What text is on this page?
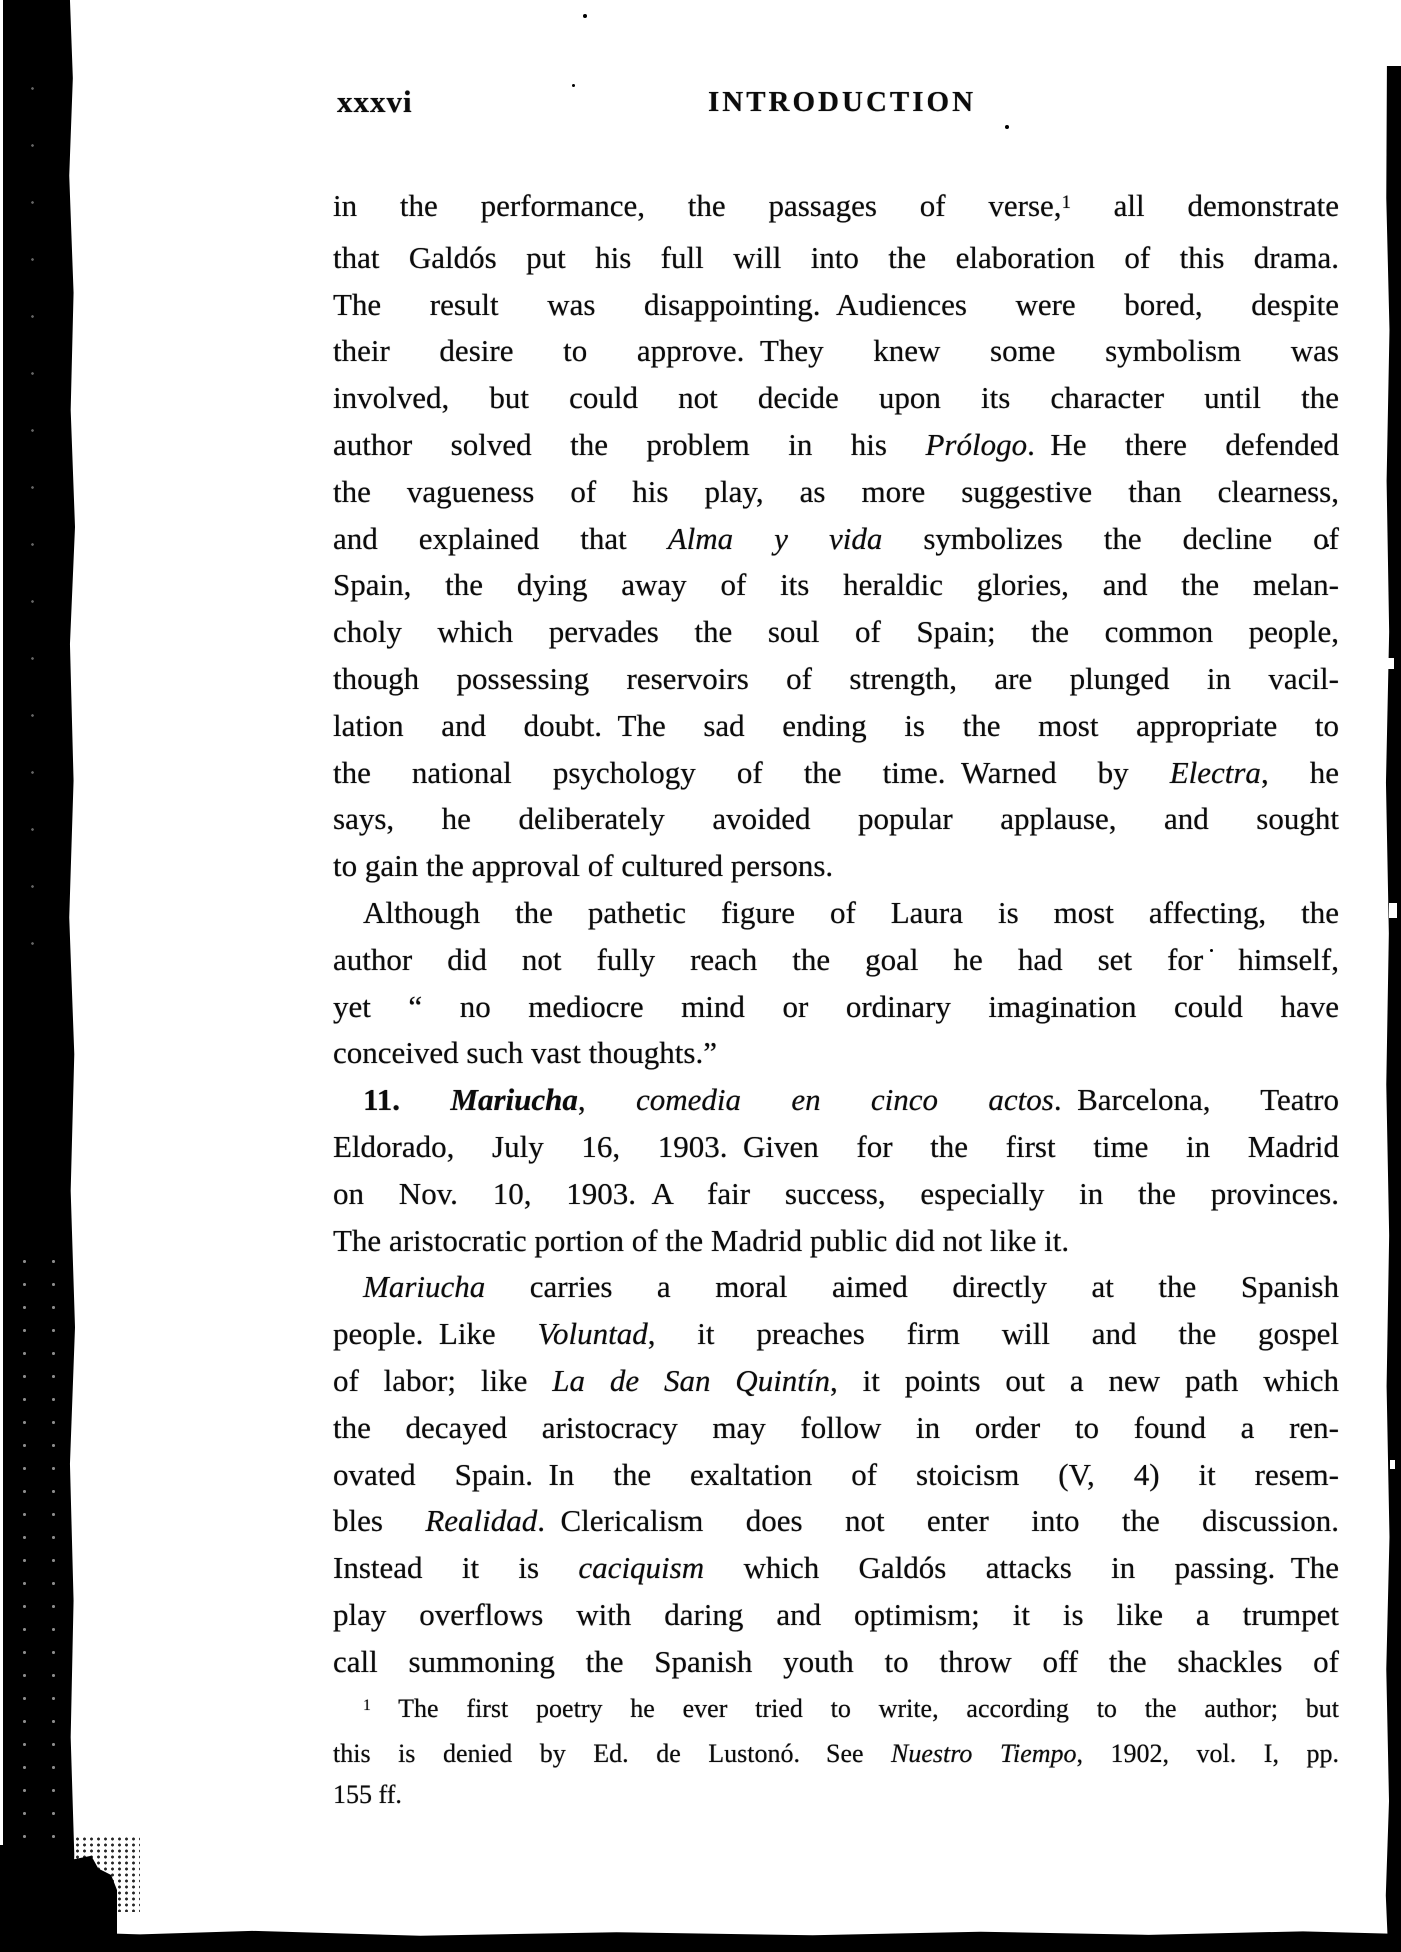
xxxvi	INTRODUCTION
in the performance, the passages of verse,$^1$ all demonstrate
that Galdós put his full will into the elaboration of this drama.
The result was disappointing. Audiences were bored, despite
their desire to approve. They knew some symbolism was
involved, but could not decide upon its character until the
author solved the problem in his Prólogo. He there defended
the vagueness of his play, as more suggestive than clearness,
and explained that Alma y vida symbolizes the decline of
Spain, the dying away of its heraldic glories, and the melan-
choly which pervades the soul of Spain; the common people,
though possessing reservoirs of strength, are plunged in vacil-
lation and doubt. The sad ending is the most appropriate to
the national psychology of the time. Warned by Electra, he
says, he deliberately avoided popular applause, and sought
to gain the approval of cultured persons.
Although the pathetic figure of Laura is most affecting, the
author did not fully reach the goal he had set for himself,
yet “ no mediocre mind or ordinary imagination could have
conceived such vast thoughts.”
11. Mariucha, comedia en cinco actos. Barcelona, Teatro
Eldorado, July 16, 1903. Given for the first time in Madrid
on Nov. 10, 1903. A fair success, especially in the provinces.
The aristocratic portion of the Madrid public did not like it.
Mariucha carries a moral aimed directly at the Spanish
people. Like Voluntad, it preaches firm will and the gospel
of labor; like La de San Quintín, it points out a new path which
the decayed aristocracy may follow in order to found a ren-
ovated Spain. In the exaltation of stoicism (V, 4) it resem-
bles Realidad. Clericalism does not enter into the discussion.
Instead it is caciquism which Galdós attacks in passing. The
play overflows with daring and optimism; it is like a trumpet
call summoning the Spanish youth to throw off the shackles of
$^1$ The first poetry he ever tried to write, according to the author; but
this is denied by Ed. de Lustonó. See Nuestro Tiempo, 1902, vol. I, pp.
155 ff.
